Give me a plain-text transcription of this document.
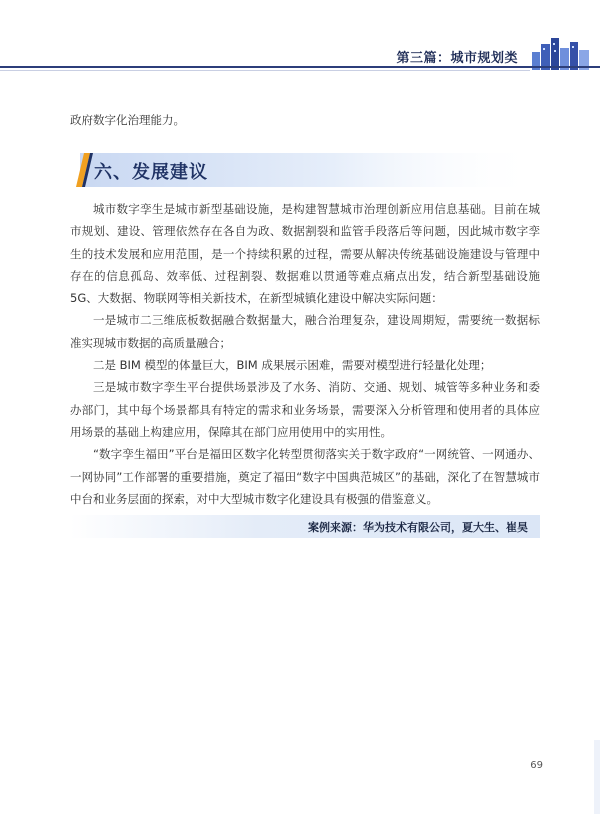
第三篇：城市规划类
政府数字化治理能力。
六、发展建议

城市数字孪生是城市新型基础设施，是构建智慧城市治理创新应用信息基础。目前在城市规划、建设、管理依然存在各自为政、数据割裂和监管手段落后等问题，因此城市数字孪生的技术发展和应用范围，是一个持续积累的过程，需要从解决传统基础设施建设与管理中存在的信息孤岛、效率低、过程割裂、数据难以贯通等难点痛点出发，结合新型基础设施 5G、大数据、物联网等相关新技术，在新型城镇化建设中解决实际问题：

一是城市二三维底板数据融合数据量大，融合治理复杂，建设周期短，需要统一数据标准实现城市数据的高质量融合；

二是 BIM 模型的体量巨大，BIM 成果展示困难，需要对模型进行轻量化处理；

三是城市数字孪生平台提供场景涉及了水务、消防、交通、规划、城管等多种业务和委办部门，其中每个场景都具有特定的需求和业务场景，需要深入分析管理和使用者的具体应用场景的基础上构建应用，保障其在部门应用使用中的实用性。

“数字孪生福田”平台是福田区数字化转型贯彻落实关于数字政府“一网统管、一网通办、一网协同”工作部署的重要措施，奠定了福田“数字中国典范城区”的基础，深化了在智慧城市中台和业务层面的探索，对中大型城市数字化建设具有极强的借鉴意义。

案例来源：华为技术有限公司，夏大生、崔昊
69
